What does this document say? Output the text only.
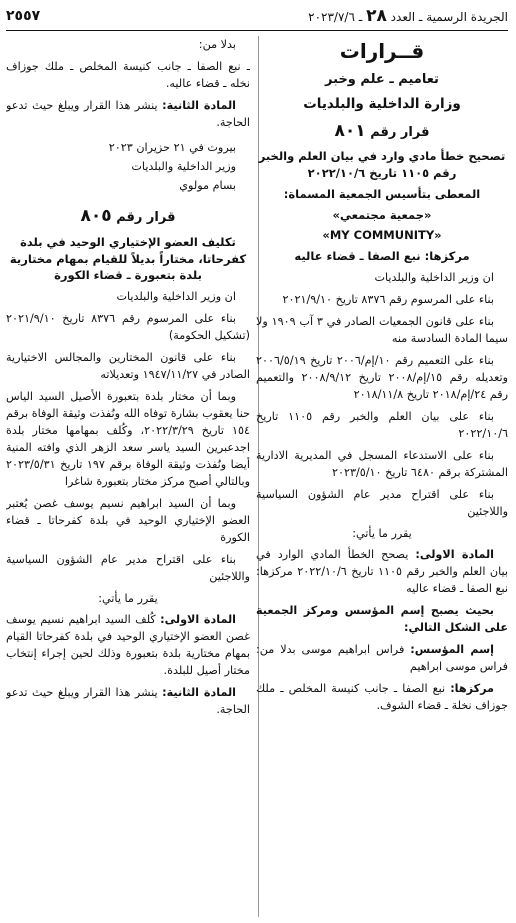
الجريدة الرسمية ـ العدد ٢٨ ـ ٢٠٢٣/٧/٦
٢٥٥٧

قــرارات

تعاميم ـ علم وخبر

وزارة الداخلية والبلديات

قرار رقم ٨٠١

تصحيح خطأ مادي وارد في بيان العلم والخبر رقم ١١٠٥ تاريخ ٢٠٢٢/١٠/٦

المعطى بتأسيس الجمعية المسماة:

«جمعية مجتمعي»

«MY COMMUNITY»

مركزها: نبع الصفا ـ قضاء عاليه

ان وزير الداخلية والبلديات

بناء على المرسوم رقم ٨٣٧٦ تاريخ ٢٠٢١/٩/١٠

بناء على قانون الجمعيات الصادر في ٣ آب ١٩٠٩ ولا سيما المادة السادسة منه

بناء على التعميم رقم ١٠/إم/٢٠٠٦ تاريخ ٢٠٠٦/٥/١٩ وتعديله رقم ١٥/إم/٢٠٠٨ تاريخ ٢٠٠٨/٩/١٢ والتعميم رقم ٢٤/إم/٢٠١٨ تاريخ ٢٠١٨/١١/٨

بناء على بيان العلم والخبر رقم ١١٠٥ تاريخ ٢٠٢٢/١٠/٦

بناء على الاستدعاء المسجل في المديرية الادارية المشتركة برقم ٦٤٨٠ تاريخ ٢٠٢٣/٥/١٠

بناء على اقتراح مدير عام الشؤون السياسية واللاجئين

يقرر ما يأتي:

المادة الاولى: يصحح الخطأ المادي الوارد في بيان العلم والخبر رقم ١١٠٥ تاريخ ٢٠٢٢/١٠/٦ مركزها: نبع الصفا ـ قضاء عاليه

بحيث يصبح إسم المؤسس ومركز الجمعية على الشكل التالي:

إسم المؤسس: فراس ابراهيم موسى بدلا من: فراس موسى ابراهيم

مركزها: نبع الصفا ـ جانب كنيسة المخلص ـ ملك جوزاف نخلة ـ قضاء الشوف.

بدلا من:

ـ نبع الصفا ـ جانب كنيسة المخلص ـ ملك جوزاف نخله ـ قضاء عاليه.

المادة الثانية: ينشر هذا القرار ويبلغ حيث تدعو الحاجة.

بيروت في ٢١ حزيران ٢٠٢٣

وزير الداخلية والبلديات

بسام مولوي

قرار رقم ٨٠٥

تكليف العضو الإختياري الوحيد في بلدة كفرحاتا، مختاراً بديلاً للقيام بمهام مختارية بلدة بتعبورة ـ قضاء الكورة

ان وزير الداخلية والبلديات

بناء على المرسوم رقم ٨٣٧٦ تاريخ ٢٠٢١/٩/١٠ (تشكيل الحكومة)

بناء على قانون المختارين والمجالس الاختيارية الصادر في ١٩٤٧/١١/٢٧ وتعديلاته

وبما أن مختار بلدة بتعبورة الأصيل السيد الياس حنا يعقوب بشارة توفاه الله ونُفذت وثيقة الوفاة برقم ١٥٤ تاريخ ٢٠٢٢/٣/٢٩، وكُلف بمهامها مختار بلدة اجدعبرين السيد ياسر سعد الزهر الذي وافته المنية أيضا ونُفذت وثيقة الوفاة برقم ١٩٧ تاريخ ٢٠٢٣/٥/٣١ وبالتالي أصبح مركز مختار بتعبورة شاغرا

وبما أن السيد ابراهيم نسيم يوسف غصن يُعتبر العضو الإختياري الوحيد في بلدة كفرحاتا ـ قضاء الكورة

بناء على اقتراح مدير عام الشؤون السياسية واللاجئين

يقرر ما يأتي:

المادة الاولى: كُلف السيد ابراهيم نسيم يوسف غصن العضو الإختياري الوحيد في بلدة كفرحاتا القيام بمهام مختارية بلدة بتعبورة وذلك لحين إجراء إنتخاب مختار أصيل للبلدة.

المادة الثانية: ينشر هذا القرار ويبلغ حيث تدعو الحاجة.
